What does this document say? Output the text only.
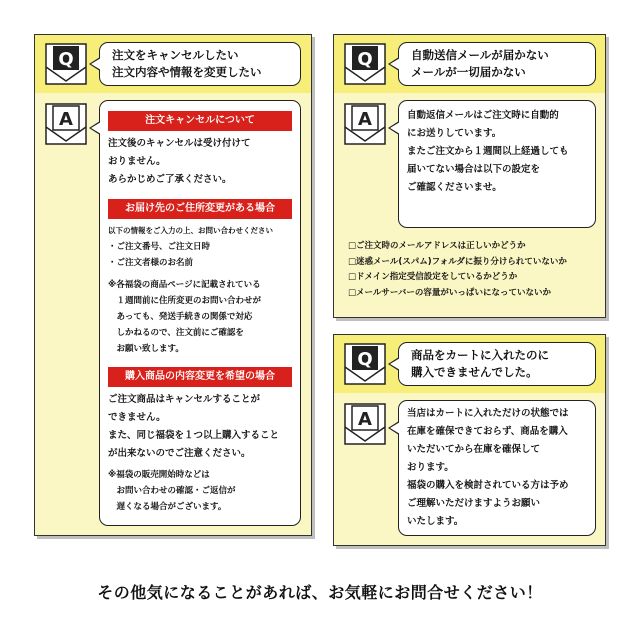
Q	注文をキャンセルしたい
注文内容や情報を変更したい
A	注文キャンセルについて
注文後のキャンセルは受け付けて
おりません。
あらかじめご了承ください。
お届け先のご住所変更がある場合
以下の情報をご入力の上、お問い合わせください
・ご注文番号、ご注文日時
・ご注文者様のお名前
※各福袋の商品ページに記載されている
　１週間前に住所変更のお問い合わせが
　あっても、発送手続きの関係で対応
　しかねるので、注文前にご確認を
　お願い致します。
購入商品の内容変更を希望の場合
ご注文商品はキャンセルすることが
できません。
また、同じ福袋を１つ以上購入すること
が出来ないのでご注意ください。
※福袋の販売開始時などは
　お問い合わせの確認・ご返信が
　遅くなる場合がございます。
Q	自動送信メールが届かない
メールが一切届かない
A	自動返信メールはご注文時に自動的
にお送りしています。
またご注文から１週間以上経過しても
届いてない場合は以下の設定を
ご確認くださいませ。
□ご注文時のメールアドレスは正しいかどうか
□迷惑メール(スパム)フォルダに振り分けられていないか
□ドメイン指定受信設定をしているかどうか
□メールサーバーの容量がいっぱいになっていないか
Q	商品をカートに入れたのに
購入できませんでした。
A	当店はカートに入れただけの状態では
在庫を確保できておらず、商品を購入
いただいてから在庫を確保して
おります。
福袋の購入を検討されている方は予め
ご理解いただけますようお願い
いたします。
その他気になることがあれば、お気軽にお問合せください！
